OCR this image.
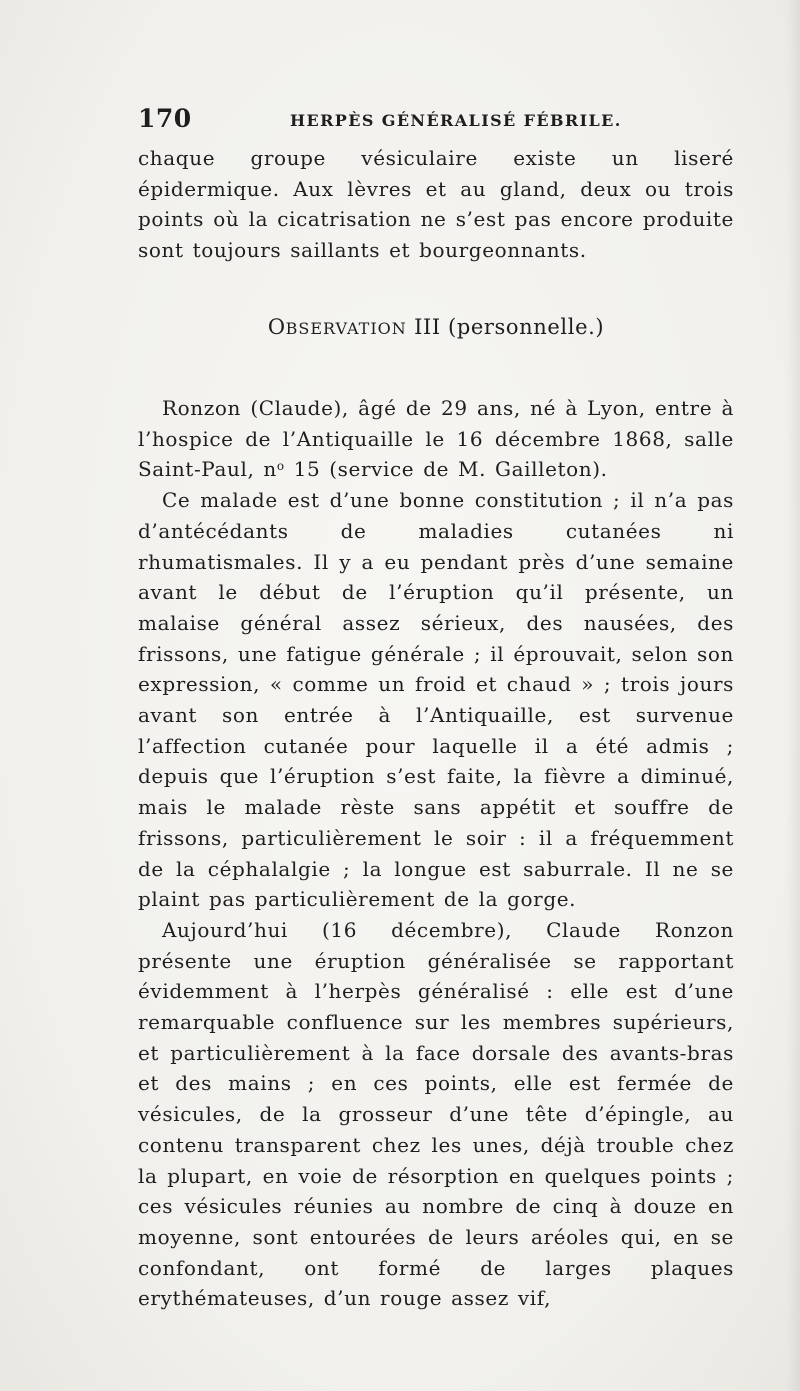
170	HERPÈS GÉNÉRALISÉ FÉBRILE.

chaque groupe vésiculaire existe un liseré épidermique. Aux lèvres et au gland, deux ou trois points où la cicatrisation ne s’est pas encore produite sont toujours saillants et bourgeonnants.

OBSERVATION III (personnelle.)

Ronzon (Claude), âgé de 29 ans, né à Lyon, entre à l’hospice de l’Antiquaille le 16 décembre 1868, salle Saint-Paul, $n^o$ 15 (service de M. Gailleton).

Ce malade est d’une bonne constitution ; il n’a pas d’antécédants de maladies cutanées ni rhumatismales. Il y a eu pendant près d’une semaine avant le début de l’éruption qu’il présente, un malaise général assez sérieux, des nausées, des frissons, une fatigue générale ; il éprouvait, selon son expression, « comme un froid et chaud » ; trois jours avant son entrée à l’Antiquaille, est survenue l’affection cutanée pour laquelle il a été admis ; depuis que l’éruption s’est faite, la fièvre a diminué, mais le malade rèste sans appétit et souffre de frissons, particulièrement le soir : il a fréquemment de la céphalalgie ; la longue est saburrale. Il ne se plaint pas particulièrement de la gorge.

Aujourd’hui (16 décembre), Claude Ronzon présente une éruption généralisée se rapportant évidemment à l’herpès généralisé : elle est d’une remarquable confluence sur les membres supérieurs, et particulièrement à la face dorsale des avants-bras et des mains ; en ces points, elle est fermée de vésicules, de la grosseur d’une tête d’épingle, au contenu transparent chez les unes, déjà trouble chez la plupart, en voie de résorption en quelques points ; ces vésicules réunies au nombre de cinq à douze en moyenne, sont entourées de leurs aréoles qui, en se confondant, ont formé de larges plaques erythémateuses, d’un rouge assez vif,
